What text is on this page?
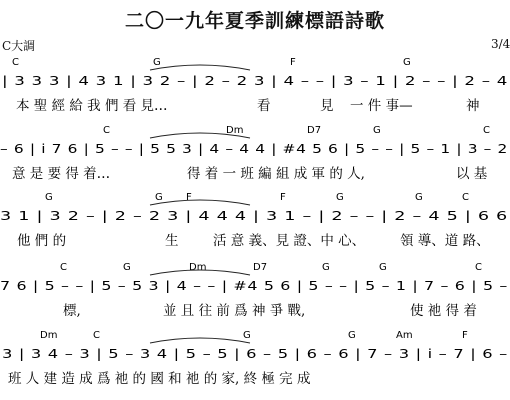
二〇一九年夏季訓練標語詩歌
C大調	3/4
C	G	F	G
| 3 3 3 | 4 3 1 | 3 2 – | 2 – 2 3 | 4 – – | 3 – 1 | 2 – – | 2 – 4
本 聖 經 給 我 們 看 見…	看	見 一 件 事—	神
C	Dm	D7	G	C
– 6 | i 7 6 | 5 – – | 5 5 3 | 4 – 4 4 | #4 5 6 | 5 – – | 5 – 1 | 3 – 2
意 是 要 得 着…	得 着 一 班 編 組 成 軍 的 人,	以 基
G	G F	F	G	G	C
3 1 | 3 2 – | 2 – 2 3 | 4 4 4 | 3 1 – | 2 – – | 2 – 4 5 | 6 6
他 們 的	生	活 意 義、見 證、中 心、	領 導、道 路、
C	G	Dm	D7	G	G	C
7 6 | 5 – – | 5 – 5 3 | 4 – – | #4 5 6 | 5 – – | 5 – 1 | 7 – 6 | 5 –
標,	並 且 往 前 爲 神 爭 戰,	使 祂 得 着
Dm	C	G	G	Am	F
3 | 3 4 – 3 | 5 – 3 4 | 5 – 5 | 6 – 5 | 6 – 6 | 7 – 3 | i – 7 | 6 –
班 人 建 造 成 爲 祂 的 國 和 祂 的 家, 終 極 完 成
